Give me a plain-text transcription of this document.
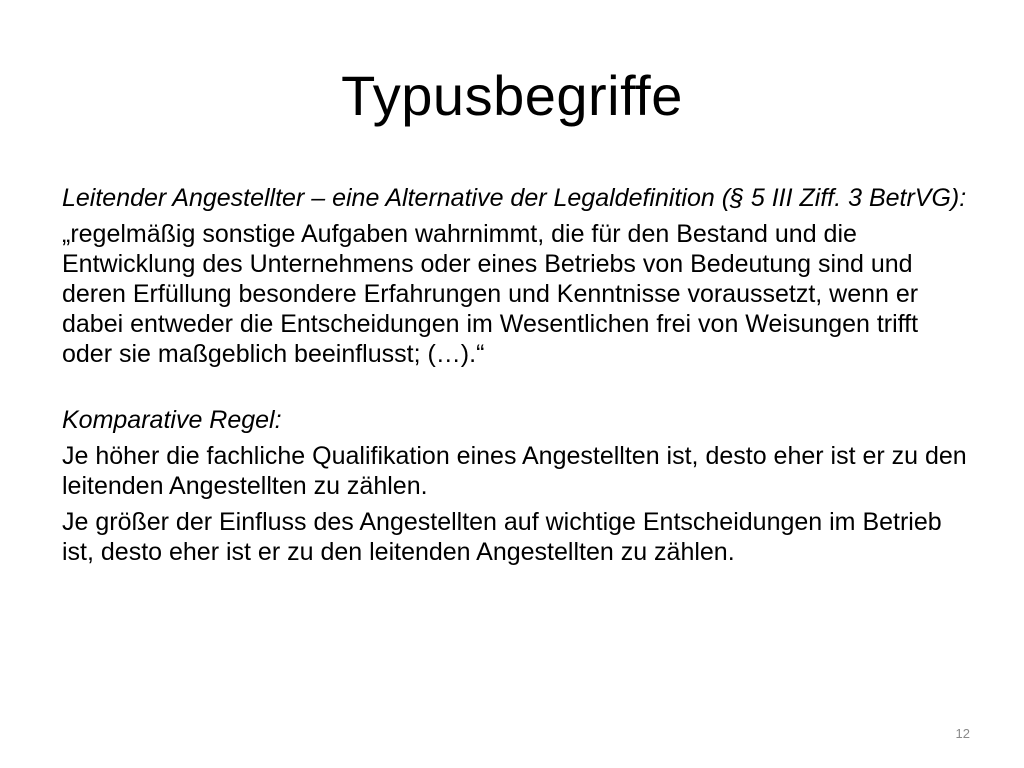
Typusbegriffe

Leitender Angestellter – eine Alternative der Legaldefinition (§ 5 III Ziff. 3 BetrVG):

„regelmäßig sonstige Aufgaben wahrnimmt, die für den Bestand und die Entwicklung des Unternehmens oder eines Betriebs von Bedeutung sind und deren Erfüllung besondere Erfahrungen und Kenntnisse voraussetzt, wenn er dabei entweder die Entscheidungen im Wesentlichen frei von Weisungen trifft oder sie maßgeblich beeinflusst; (…).“

Komparative Regel:

Je höher die fachliche Qualifikation eines Angestellten ist, desto eher ist er zu den leitenden Angestellten zu zählen.

Je größer der Einfluss des Angestellten auf wichtige Entscheidungen im Betrieb ist, desto eher ist er zu den leitenden Angestellten zu zählen.

12
